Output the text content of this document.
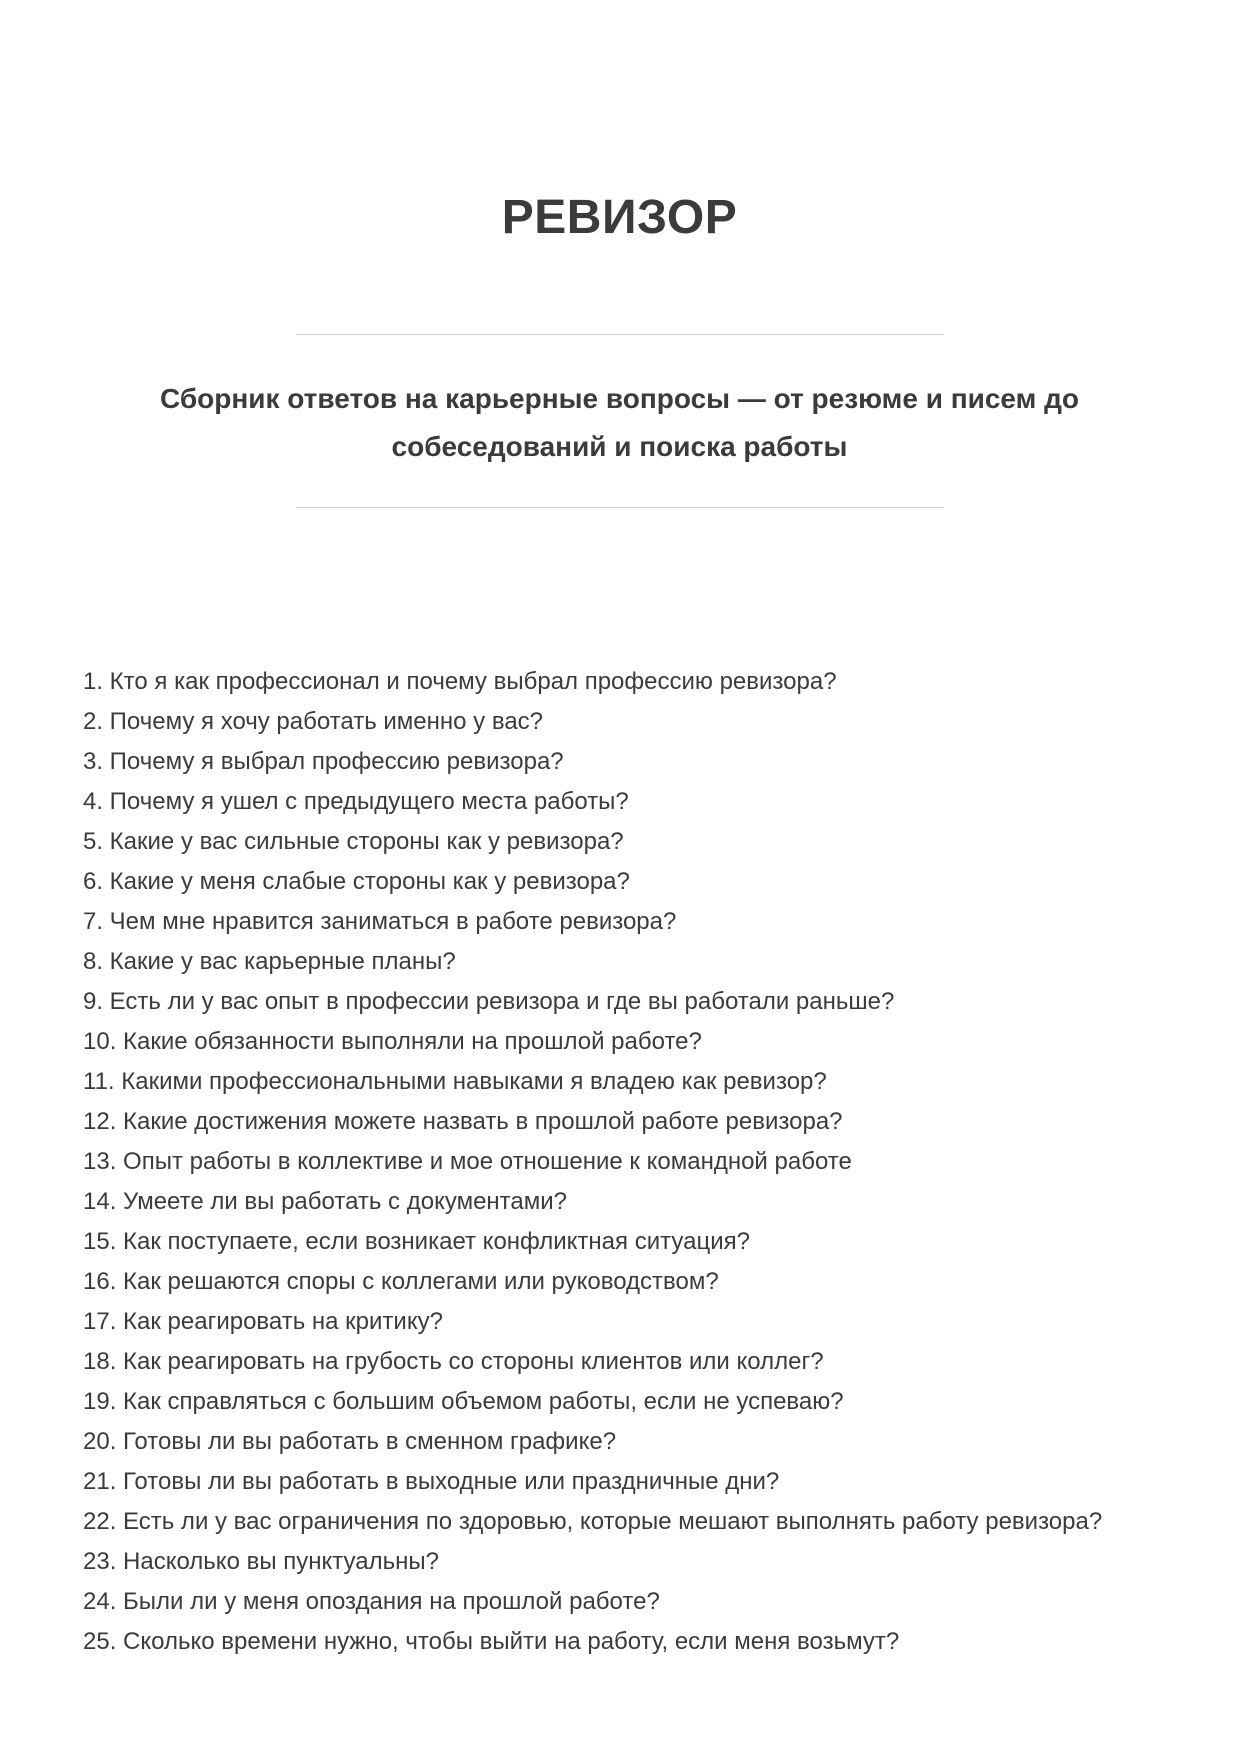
РЕВИЗОР
Сборник ответов на карьерные вопросы — от резюме и писем до
собеседований и поиска работы
1. Кто я как профессионал и почему выбрал профессию ревизора?
2. Почему я хочу работать именно у вас?
3. Почему я выбрал профессию ревизора?
4. Почему я ушел с предыдущего места работы?
5. Какие у вас сильные стороны как у ревизора?
6. Какие у меня слабые стороны как у ревизора?
7. Чем мне нравится заниматься в работе ревизора?
8. Какие у вас карьерные планы?
9. Есть ли у вас опыт в профессии ревизора и где вы работали раньше?
10. Какие обязанности выполняли на прошлой работе?
11. Какими профессиональными навыками я владею как ревизор?
12. Какие достижения можете назвать в прошлой работе ревизора?
13. Опыт работы в коллективе и мое отношение к командной работе
14. Умеете ли вы работать с документами?
15. Как поступаете, если возникает конфликтная ситуация?
16. Как решаются споры с коллегами или руководством?
17. Как реагировать на критику?
18. Как реагировать на грубость со стороны клиентов или коллег?
19. Как справляться с большим объемом работы, если не успеваю?
20. Готовы ли вы работать в сменном графике?
21. Готовы ли вы работать в выходные или праздничные дни?
22. Есть ли у вас ограничения по здоровью, которые мешают выполнять работу ревизора?
23. Насколько вы пунктуальны?
24. Были ли у меня опоздания на прошлой работе?
25. Сколько времени нужно, чтобы выйти на работу, если меня возьмут?
